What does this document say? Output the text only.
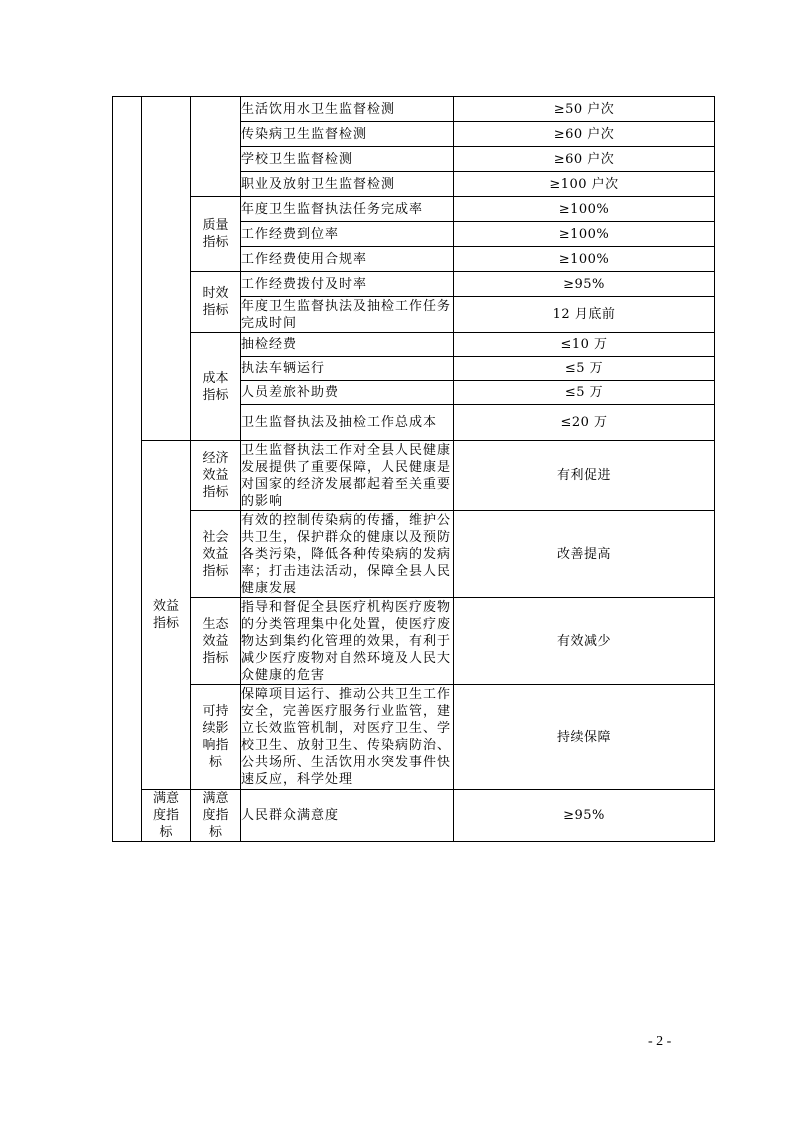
			生活饮用水卫生监督检测	≥50 户次
			传染病卫生监督检测	≥60 户次
			学校卫生监督检测	≥60 户次
			职业及放射卫生监督检测	≥100 户次

		质量指标	年度卫生监督执法任务完成率	≥100%
			工作经费到位率	≥100%
			工作经费使用合规率	≥100%

		时效指标	工作经费拨付及时率	≥95%
			年度卫生监督执法及抽检工作任务完成时间	12 月底前

		成本指标	抽检经费	≤10 万
			执法车辆运行	≤5 万
			人员差旅补助费	≤5 万
			卫生监督执法及抽检工作总成本	≤20 万

	效益指标	经济效益指标	卫生监督执法工作对全县人民健康发展提供了重要保障，人民健康是对国家的经济发展都起着至关重要的影响	有利促进

		社会效益指标	有效的控制传染病的传播，维护公共卫生，保护群众的健康以及预防各类污染，降低各种传染病的发病率；打击违法活动，保障全县人民健康发展	改善提高

		生态效益指标	指导和督促全县医疗机构医疗废物的分类管理集中化处置，使医疗废物达到集约化管理的效果，有利于减少医疗废物对自然环境及人民大众健康的危害	有效减少

		可持续影响指标	保障项目运行、推动公共卫生工作安全，完善医疗服务行业监管，建立长效监管机制，对医疗卫生、学校卫生、放射卫生、传染病防治、公共场所、生活饮用水突发事件快速反应，科学处理	持续保障

	满意度指标	满意度指标	人民群众满意度	≥95%
- 2 -
